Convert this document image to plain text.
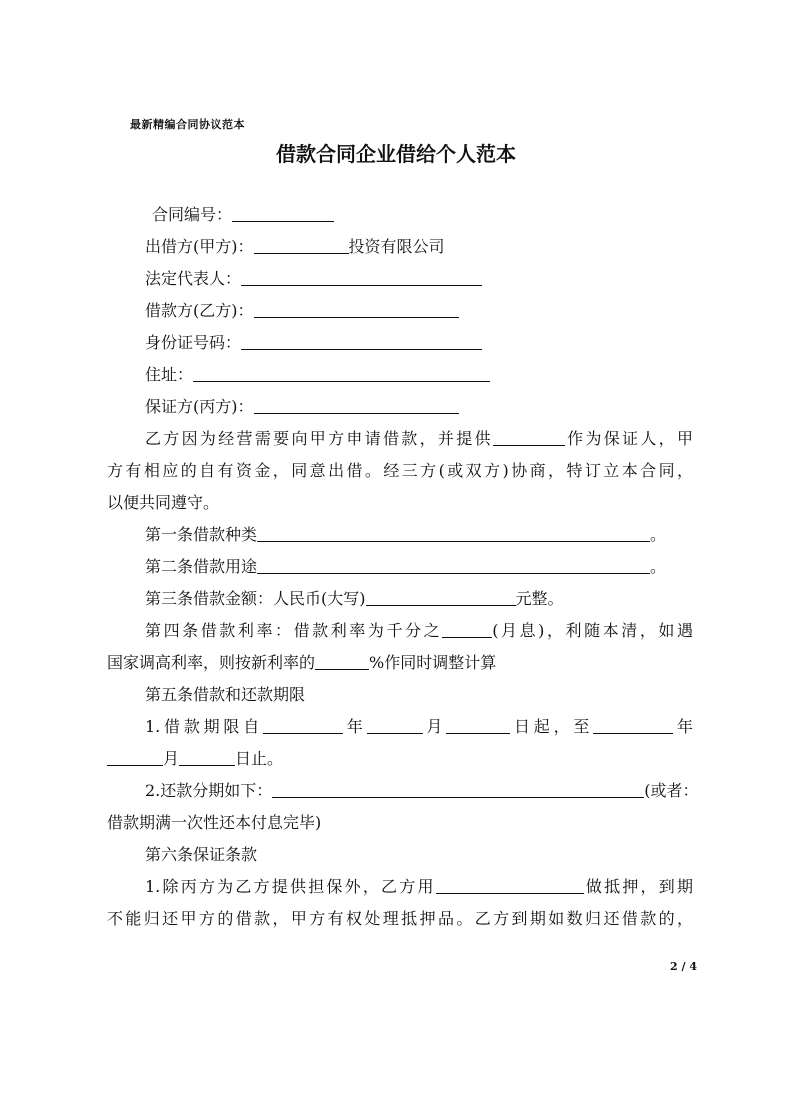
最新精编合同协议范本
借款合同企业借给个人范本
合同编号：
出借方(甲方)：	投资有限公司
法定代表人：
借款方(乙方)：
身份证号码：
住址：
保证方(丙方)：
乙方因为经营需要向甲方申请借款，并提供	作为保证人，甲
方有相应的自有资金，同意出借。经三方(或双方)协商，特订立本合同，
以便共同遵守。
第一条借款种类	。
第二条借款用途	。
第三条借款金额：人民币(大写)	元整。
第四条借款利率：借款利率为千分之	(月息)，利随本清，如遇
国家调高利率，则按新利率的	%作同时调整计算
第五条借款和还款期限
1.借款期限自	年	月	日起，至	年
月	日止。
2.还款分期如下：	(或者：
借款期满一次性还本付息完毕)
第六条保证条款
1.除丙方为乙方提供担保外，乙方用	做抵押，到期
不能归还甲方的借款，甲方有权处理抵押品。乙方到期如数归还借款的，
2 / 4
